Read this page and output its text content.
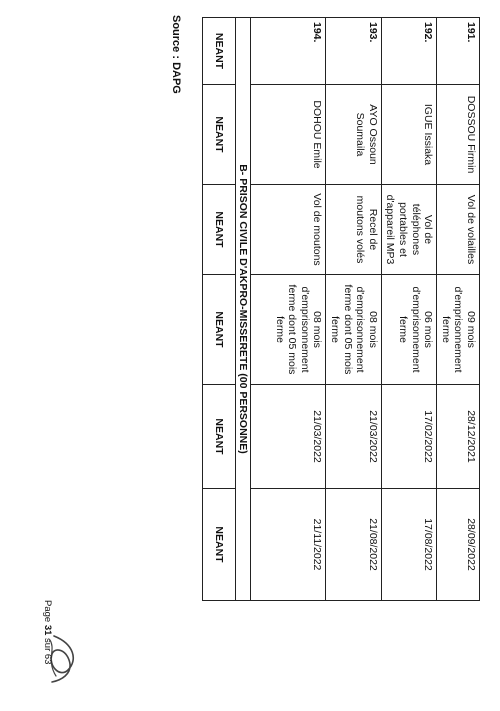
191.	DOSSOU Firmin	Vol de volailles	09 mois d'emprisonnement ferme	28/12/2021	28/09/2022
192.	IGUE Issiaka	Vol de téléphones portables et d'appareil MP3	06 mois d'emprisonnement ferme	17/02/2022	17/08/2022
193.	AYO Ossoun Soumaila	Recel de moutons volés	08 mois d'emprisonnement ferme dont 05 mois ferme	21/03/2022	21/08/2022
194.	DOHOU Emile	Vol de moutons	08 mois d'emprisonnement ferme dont 05 mois ferme	21/03/2022	21/11/2022
B- PRISON CIVILE D'AKPRO-MISSERETE (00 PERSONNE)					
NEANT	NEANT	NEANT	NEANT	NEANT	NEANT
Source : DAPG
Page 31 sur 63
